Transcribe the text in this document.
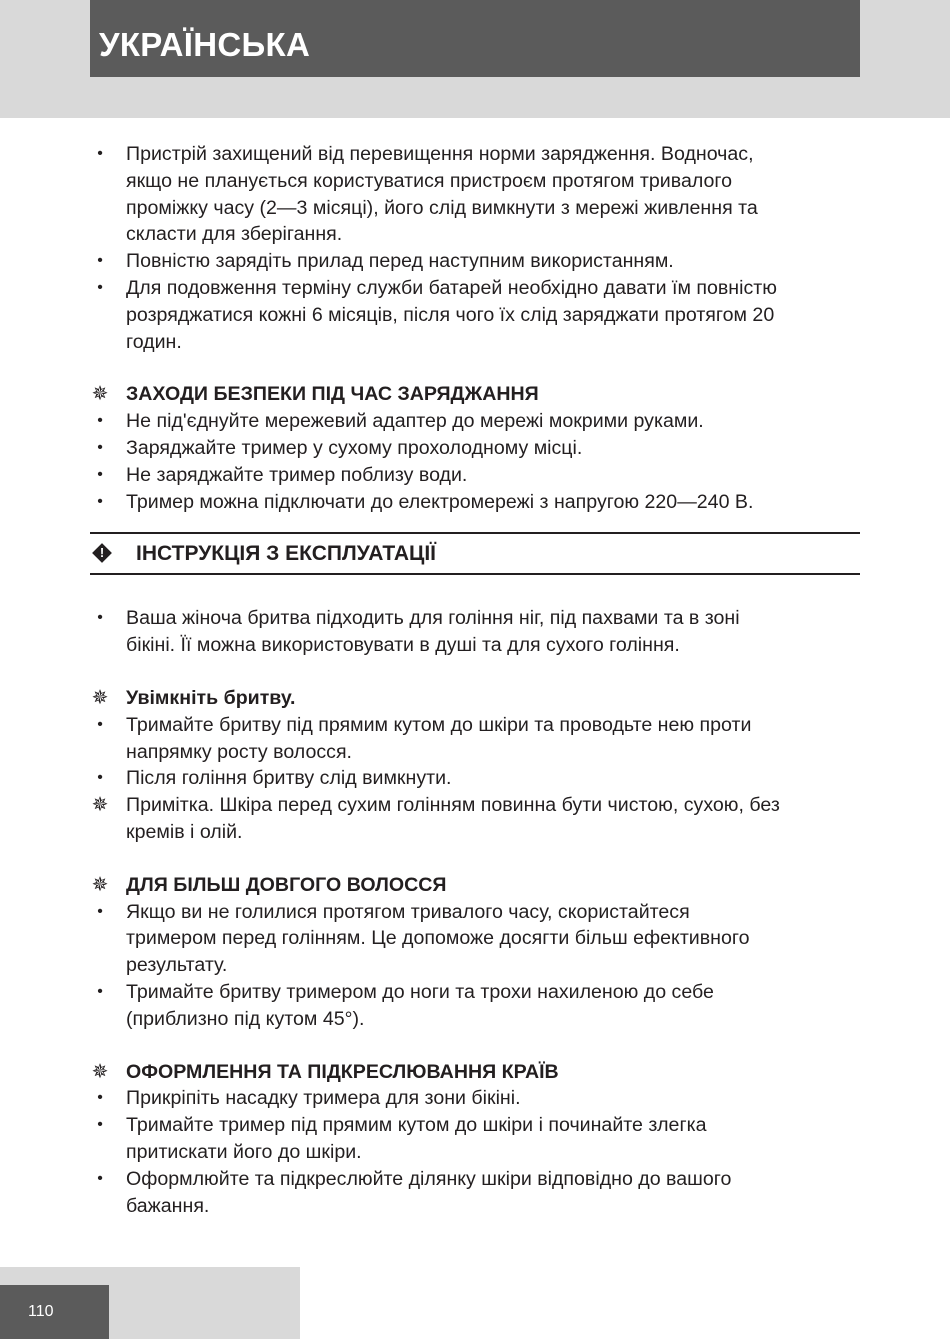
УКРАЇНСЬКА
•	Пристрій захищений від перевищення норми зарядження. Водночас,
якщо не планується користуватися пристроєм протягом тривалого
проміжку часу (2—3 місяці), його слід вимкнути з мережі живлення та
скласти для зберігання.
•	Повністю зарядіть прилад перед наступним використанням.
•	Для подовження терміну служби батарей необхідно давати їм повністю
розряджатися кожні 6 місяців, після чого їх слід заряджати протягом 20
годин.
✵ ЗАХОДИ БЕЗПЕКИ ПІД ЧАС ЗАРЯДЖАННЯ
•	Не під'єднуйте мережевий адаптер до мережі мокрими руками.
•	Заряджайте тример у сухому прохолодному місці.
•	Не заряджайте тример поблизу води.
•	Тример можна підключати до електромережі з напругою 220—240 В.
!	ІНСТРУКЦІЯ З ЕКСПЛУАТАЦІЇ
•	Ваша жіноча бритва підходить для гоління ніг, під пахвами та в зоні
бікіні. Її можна використовувати в душі та для сухого гоління.
✵ Увімкніть бритву.
•	Тримайте бритву під прямим кутом до шкіри та проводьте нею проти
напрямку росту волосся.
•	Після гоління бритву слід вимкнути.
✵ Примітка. Шкіра перед сухим голінням повинна бути чистою, сухою, без
кремів і олій.
✵ ДЛЯ БІЛЬШ ДОВГОГО ВОЛОССЯ
•	Якщо ви не голилися протягом тривалого часу, скористайтеся
тримером перед голінням. Це допоможе досягти більш ефективного
результату.
•	Тримайте бритву тримером до ноги та трохи нахиленою до себе
(приблизно під кутом 45°).
✵ ОФОРМЛЕННЯ ТА ПІДКРЕСЛЮВАННЯ КРАЇВ
•	Прикріпіть насадку тримера для зони бікіні.
•	Тримайте тример під прямим кутом до шкіри і починайте злегка
притискати його до шкіри.
•	Оформлюйте та підкреслюйте ділянку шкіри відповідно до вашого
бажання.
110
